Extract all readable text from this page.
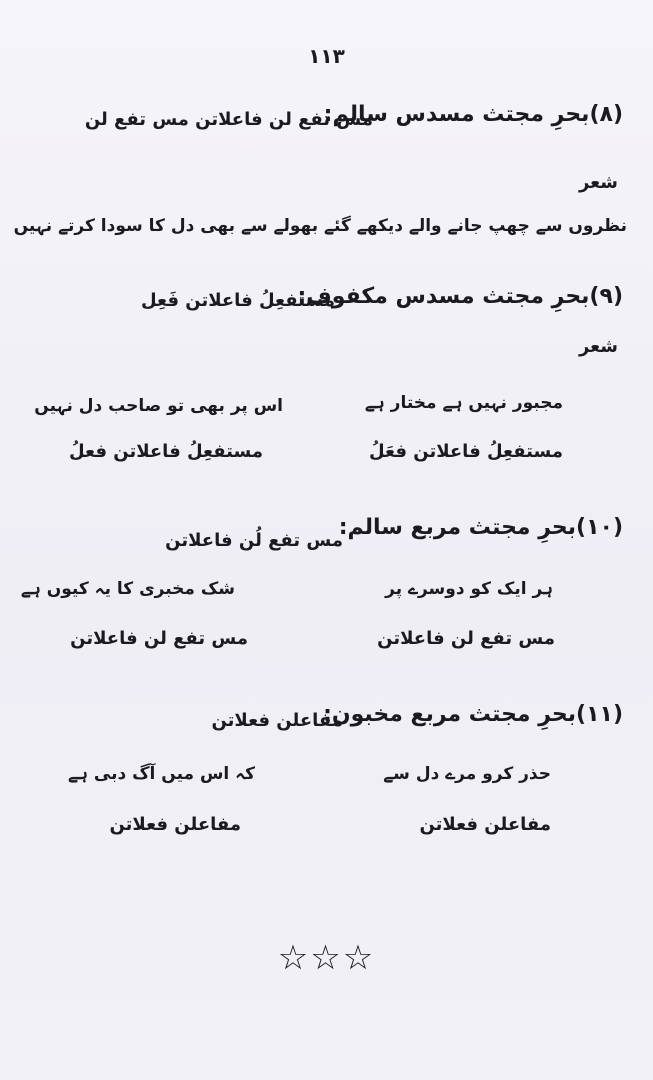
١١٣
(٨)بحرِ مجتث مسدس سالم:
مس تفع لن فاعلاتن مس تفع لن
شعر
نظروں سے چھپ جانے والے دیکھے گئے بھولے سے بھی دل کا سودا کرتے نہیں
(٩)بحرِ مجتث مسدس مکفوف:
مستفعِلُ فاعلاتن فَعِل
شعر
مجبور نہیں ہے مختار ہے
اس پر بھی تو صاحب دل نہیں
مستفعِلُ فاعلاتن فعَلُ
مستفعِلُ فاعلاتن فعلُ
(١٠)بحرِ مجتث مربع سالم:
مس تفع لُن فاعلاتن
ہر ایک کو دوسرے پر
شک مخبری کا یہ کیوں ہے
مس تفع لن فاعلاتن
مس تفع لن فاعلاتن
(١١)بحرِ مجتث مربع مخبون:
مفاعلن فعلاتن
حذر کرو مرے دل سے
کہ اس میں آگ دبی ہے
مفاعلن فعلاتن
مفاعلن فعلاتن
☆☆☆
